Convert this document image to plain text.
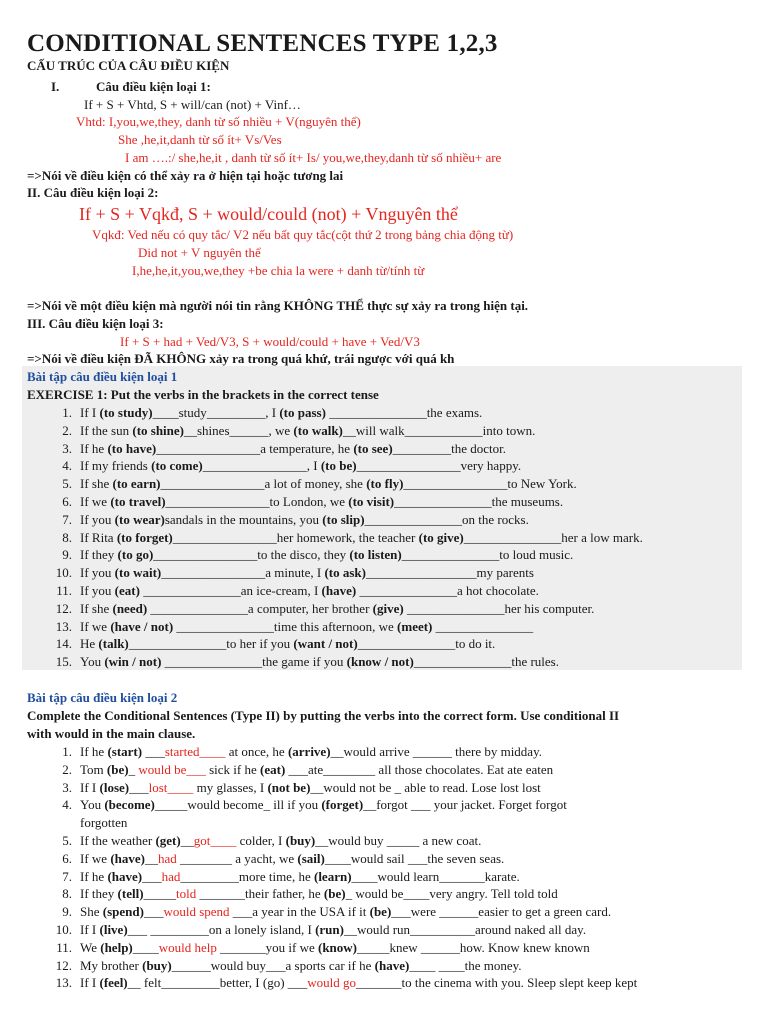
CONDITIONAL SENTENCES TYPE 1,2,3
CẤU TRÚC CỦA CÂU ĐIỀU KIỆN
I.	Câu điều kiện loại 1:
If + S + Vhtd, S + will/can (not) + Vinf…
Vhtd: I,you,we,they, danh từ số nhiều + V(nguyên thể)
She ,he,it,danh từ số ít+ Vs/Ves
I am ….:/ she,he,it , danh từ số ít+ Is/ you,we,they,danh từ số nhiều+ are
=>Nói về điều kiện có thể xảy ra ở hiện tại hoặc tương lai
II. Câu điều kiện loại 2:
If + S + Vqkđ, S + would/could (not) + Vnguyên thể
Vqkđ: Ved nếu có quy tắc/ V2 nếu bất quy tắc(cột thứ 2 trong bảng chia động từ)
Did not + V nguyên thể
I,he,he,it,you,we,they +be chia la were + danh từ/tính từ
=>Nói về một điều kiện mà người nói tin rằng KHÔNG THỂ thực sự xảy ra trong hiện tại.
III. Câu điều kiện loại 3:
If + S + had + Ved/V3, S + would/could + have + Ved/V3
=>Nói về điều kiện ĐÃ KHÔNG xảy ra trong quá khứ, trái ngược với quá kh
Bài tập câu điều kiện loại 1
EXERCISE 1: Put the verbs in the brackets in the correct tense
1. If I (to study)____study_________, I (to pass) _______________the exams.
2. If the sun (to shine)__shines______, we (to walk)__will walk____________into town.
3. If he (to have)________________a temperature, he (to see)_________the doctor.
4. If my friends (to come)________________, I (to be)________________very happy.
5. If she (to earn)________________a lot of money, she (to fly)________________to New York.
6. If we (to travel)________________to London, we (to visit)_______________the museums.
7. If you (to wear)sandals in the mountains, you (to slip)_______________on the rocks.
8. If Rita (to forget)________________her homework, the teacher (to give)_______________her a low mark.
9. If they (to go)________________to the disco, they (to listen)_______________to loud music.
10. If you (to wait)________________a minute, I (to ask)_________________my parents
11. If you (eat) _______________an ice-cream, I (have) _______________a hot chocolate.
12. If she (need) _______________a computer, her brother (give) _______________her his computer.
13. If we (have / not) _______________time this afternoon, we (meet) _______________
14. He (talk)_______________to her if you (want / not)_______________to do it.
15. You (win / not) _______________the game if you (know / not)_______________the rules.
Bài tập câu điều kiện loại 2
Complete the Conditional Sentences (Type II) by putting the verbs into the correct form. Use conditional II
with would in the main clause.
1. If he (start) ___started____ at once, he (arrive)__would arrive ______ there by midday.
2. Tom (be)_ would be___ sick if he (eat) ___ate________ all those chocolates. Eat ate eaten
3. If I (lose)___lost____ my glasses, I (not be)__would not be _ able to read. Lose lost lost
4. You (become)_____would become_ ill if you (forget)__forgot ___ your jacket. Forget forgot
forgotten
5. If the weather (get)__got____ colder, I (buy)__would buy _____ a new coat.
6. If we (have)__had ________ a yacht, we (sail)____would sail ___the seven seas.
7. If he (have)___had_________more time, he (learn)____would learn_______karate.
8. If they (tell)_____told _______their father, he (be)_ would be____very angry. Tell told told
9. She (spend)___would spend ___a year in the USA if it (be)___were ______easier to get a green card.
10. If I (live)___ _________on a lonely island, I (run)__would run__________around naked all day.
11. We (help)____would help _______you if we (know)_____knew ______how. Know knew known
12. My brother (buy)______would buy___a sports car if he (have)____ ____the money.
13. If I (feel)__ felt_________better, I (go) ___would go_______to the cinema with you. Sleep slept keep kept
